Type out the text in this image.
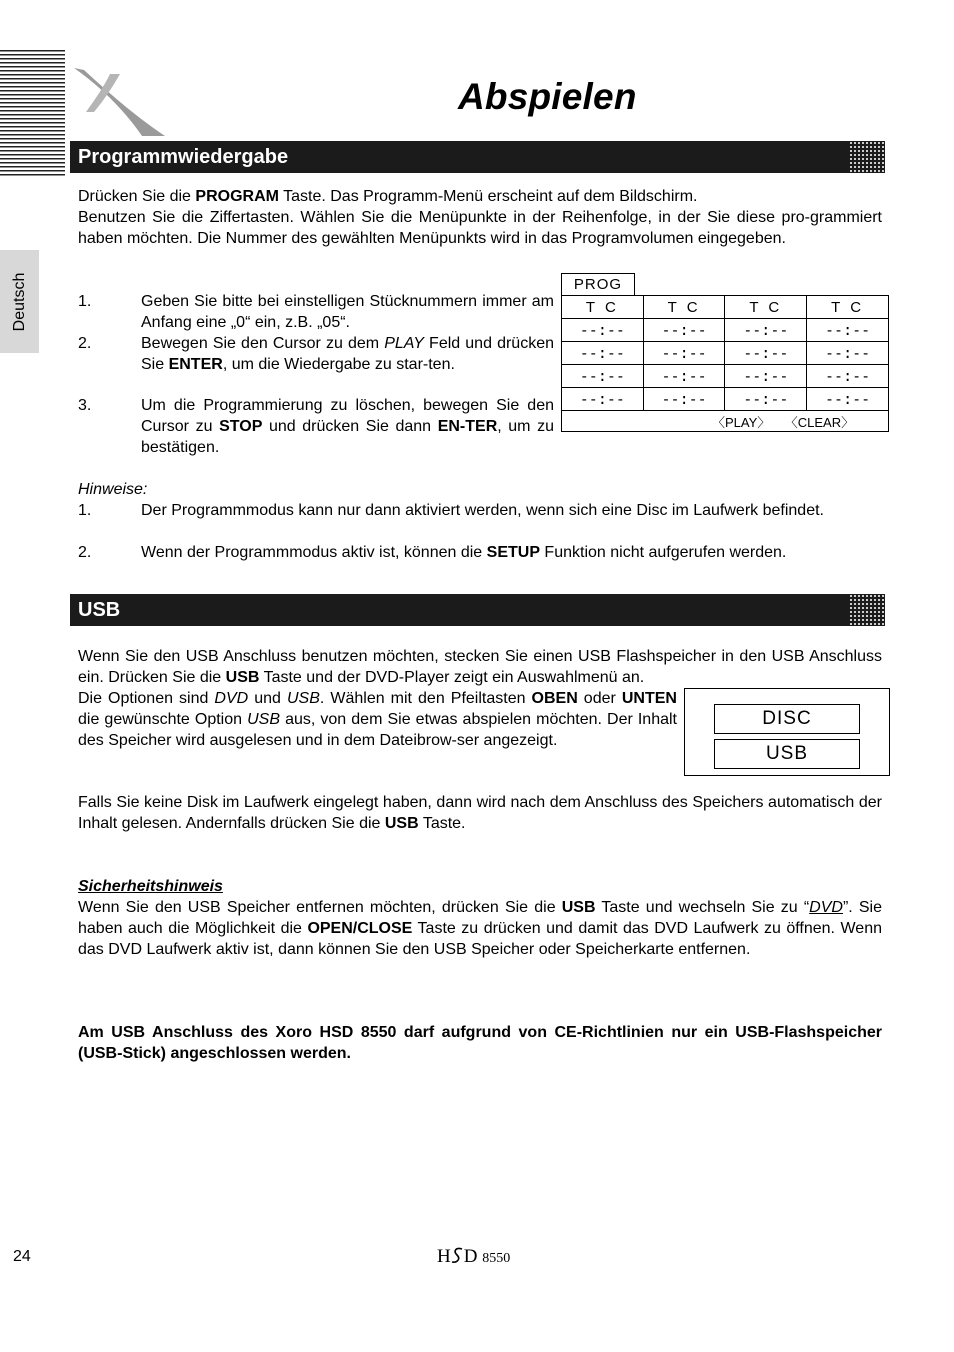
Deutsch
Abspielen
Programmwiedergabe
Drücken Sie die PROGRAM Taste. Das Programm-Menü erscheint auf dem Bildschirm.
Benutzen Sie die Ziffertasten. Wählen Sie die Menüpunkte in der Reihenfolge, in der Sie diese pro-grammiert haben möchten. Die Nummer des gewählten Menüpunkts wird in das Programvolumen eingegeben.
1.	Geben Sie bitte bei einstelligen Stücknummern immer am Anfang eine „0“ ein, z.B. „05“.
2.	Bewegen Sie den Cursor zu dem PLAY Feld und drücken Sie ENTER, um die Wiedergabe zu star-ten.
3.	Um die Programmierung zu löschen, bewegen Sie den Cursor zu STOP und drücken Sie dann EN-TER, um zu bestätigen.
PROG
T C	T C	T C	T C
--:--	--:--	--:--	--:--
--:--	--:--	--:--	--:--
--:--	--:--	--:--	--:--
--:--	--:--	--:--	--:--
〈PLAY〉 〈CLEAR〉			
Hinweise:
1.	Der Programmmodus kann nur dann aktiviert werden, wenn sich eine Disc im Laufwerk befindet.
2.	Wenn der Programmmodus aktiv ist, können die SETUP Funktion nicht aufgerufen werden.
USB
Wenn Sie den USB Anschluss benutzen möchten, stecken Sie einen USB Flashspeicher in den USB Anschluss ein. Drücken Sie die USB Taste und der DVD-Player zeigt ein Auswahlmenü an.
Die Optionen sind DVD und USB. Wählen mit den Pfeiltasten OBEN oder UNTEN die gewünschte Option USB aus, von dem Sie etwas abspielen möchten. Der Inhalt des Speicher wird ausgelesen und in dem Dateibrow-ser angezeigt.
DISC
USB
Falls Sie keine Disk im Laufwerk eingelegt haben, dann wird nach dem Anschluss des Speichers automatisch der Inhalt gelesen. Andernfalls drücken Sie die USB Taste.
Sicherheitshinweis
Wenn Sie den USB Speicher entfernen möchten, drücken Sie die USB Taste und wechseln Sie zu “DVD”. Sie haben auch die Möglichkeit die OPEN/CLOSE Taste zu drücken und damit das DVD Laufwerk zu öffnen. Wenn das DVD Laufwerk aktiv ist, dann können Sie den USB Speicher oder Speicherkarte entfernen.
Am USB Anschluss des Xoro HSD 8550 darf aufgrund von CE-Richtlinien nur ein USB-Flashspeicher (USB-Stick) angeschlossen werden.
24	H D 8550
